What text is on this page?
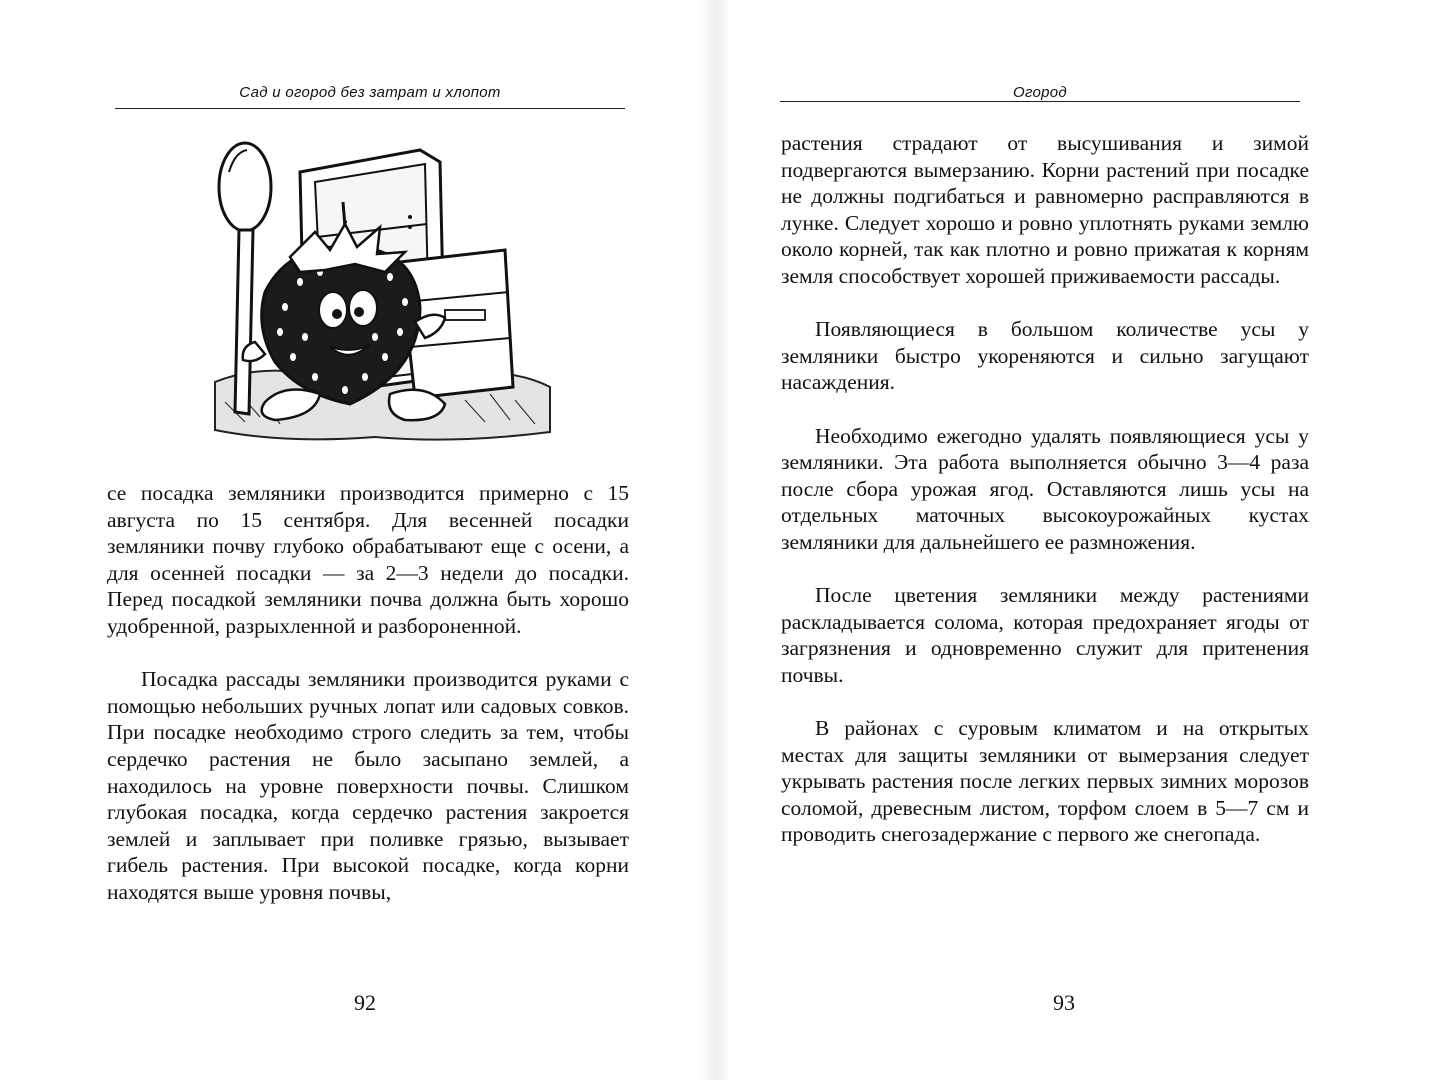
Сад и огород без затрат и хлопот

се посадка земляники производится примерно с 15 августа по 15 сентября. Для весенней посадки земляники почву глубоко обрабатывают еще с осени, а для осенней посадки — за 2—3 недели до посадки. Перед посадкой земляники почва должна быть хорошо удобренной, разрыхленной и разбороненной.

Посадка рассады земляники производится руками с помощью небольших ручных лопат или садовых совков. При посадке необходимо строго следить за тем, чтобы сердечко растения не было засыпано землей, а находилось на уровне поверхности почвы. Слишком глубокая посадка, когда сердечко растения закроется землей и заплывает при поливке грязью, вызывает гибель растения. При высокой посадке, когда корни находятся выше уровня почвы,

92
Огород

растения страдают от высушивания и зимой подвергаются вымерзанию. Корни растений при посадке не должны подгибаться и равномерно расправляются в лунке. Следует хорошо и ровно уплотнять руками землю около корней, так как плотно и ровно прижатая к корням земля способствует хорошей приживаемости рассады.

Появляющиеся в большом количестве усы у земляники быстро укореняются и сильно загущают насаждения.

Необходимо ежегодно удалять появляющиеся усы у земляники. Эта работа выполняется обычно 3—4 раза после сбора урожая ягод. Оставляются лишь усы на отдельных маточных высокоурожайных кустах земляники для дальнейшего ее размножения.

После цветения земляники между растениями раскладывается солома, которая предохраняет ягоды от загрязнения и одновременно служит для притенения почвы.

В районах с суровым климатом и на открытых местах для защиты земляники от вымерзания следует укрывать растения после легких первых зимних морозов соломой, древесным листом, торфом слоем в 5—7 см и проводить снегозадержание с первого же снегопада.

93
